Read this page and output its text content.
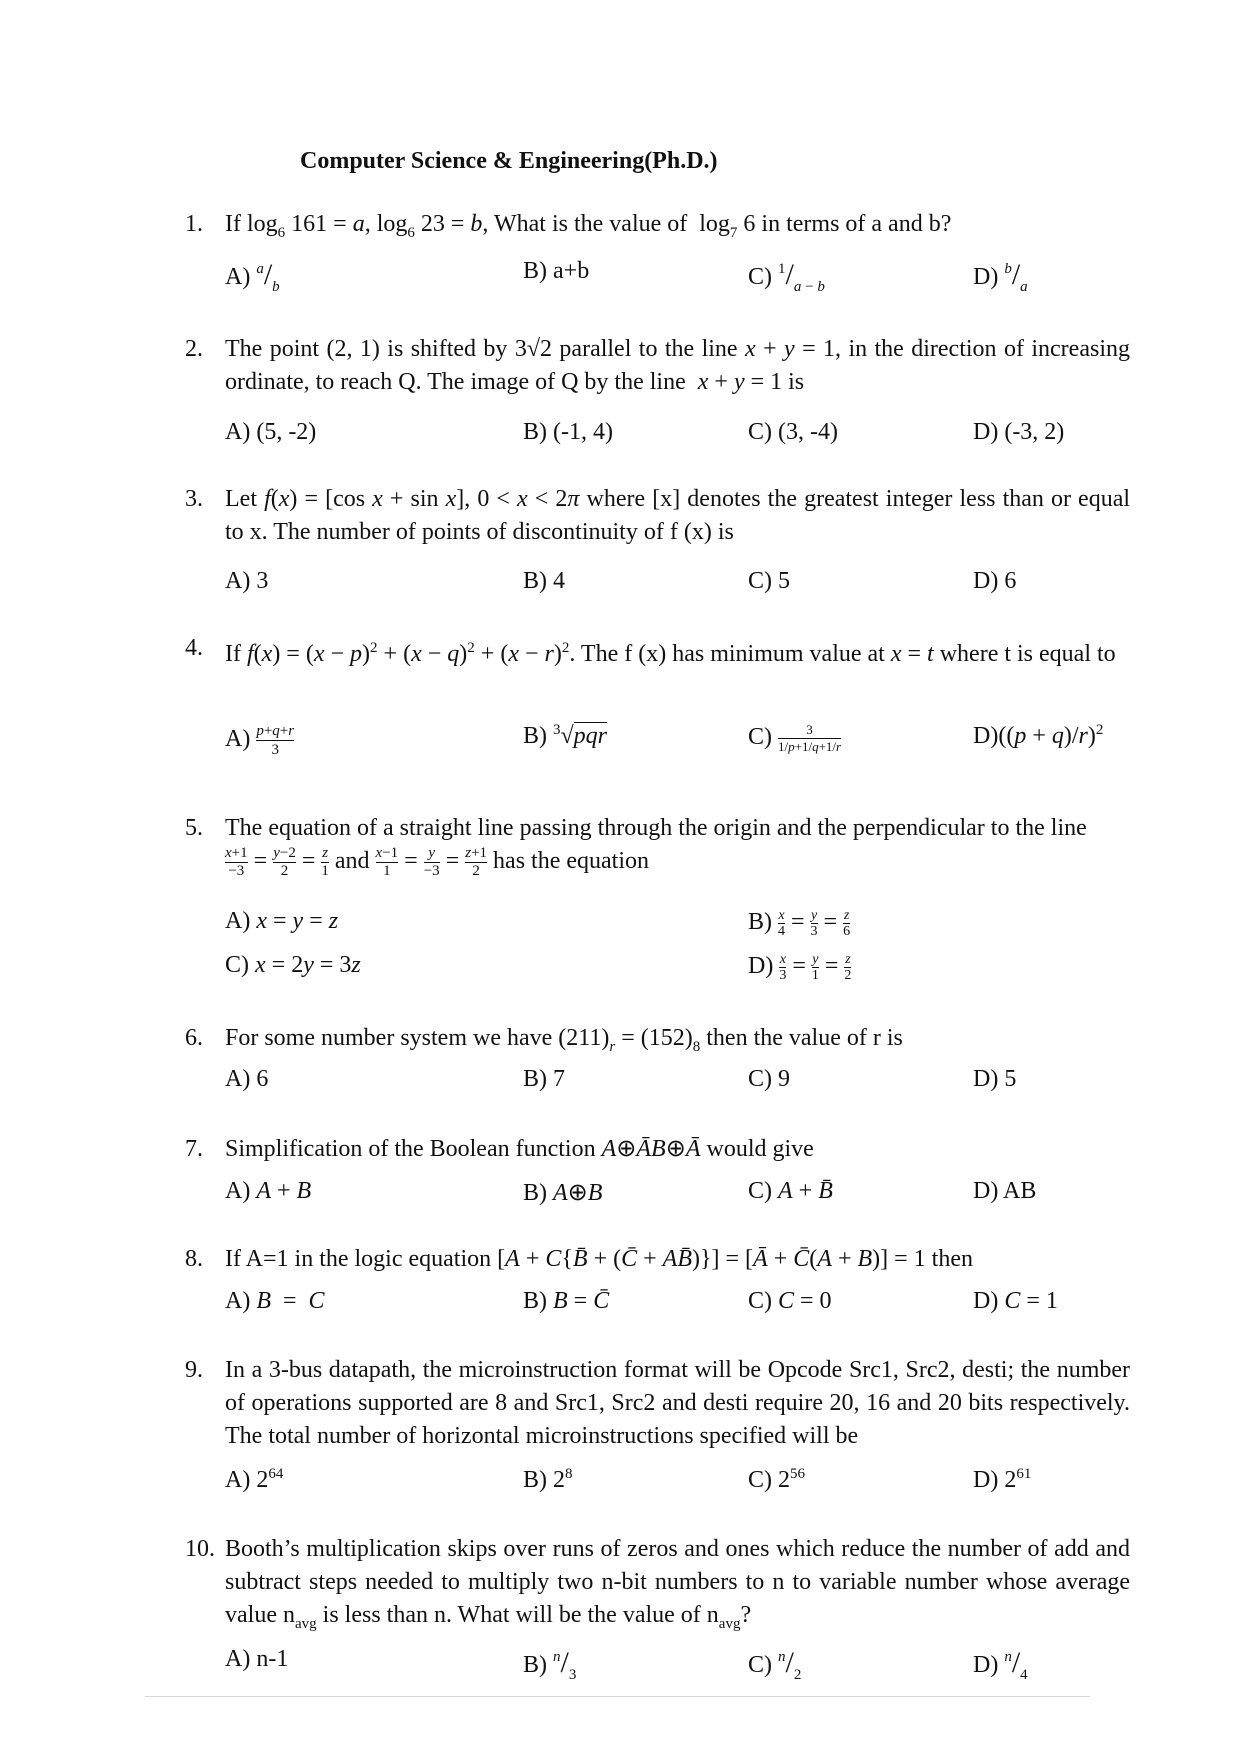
Computer Science & Engineering(Ph.D.)
1. If $\log_6 161 = a$, $\log_6 23 = b$, What is the value of  $\log_7 6$ in terms of a and b?
A) $^a/_b$
B) a+b	C) $^1/_{a - b}$	D) $^b/_a$
2. The point (2, 1) is shifted by 3√2 parallel to the line x + y = 1, in the direction of increasing ordinate, to reach Q. The image of Q by the line  x + y = 1 is
A) (5, -2)	B) (-1, 4)	C) (3, -4)	D) (-3, 2)
3. Let f(x) = [cos x + sin x], 0 < x < 2π where [x] denotes the greatest integer less than or equal to x. The number of points of discontinuity of f (x) is
A) 3	B) 4	C) 5	D) 6
4. If $f(x) = (x - p)^2 + (x - q)^2 + (x - r)^2$. The f (x) has minimum value at x = t where t is equal to
$A) \frac{p+q+r}{3}$	B) $^3$√pqr	$C) \frac{3}{1/p+1/q+1/r}$	$D)((p + q)/r)^2$
5. The equation of a straight line passing through the origin and the perpendicular to the line

$\frac{x+1}{-3} = \frac{y-2}{2} = \frac{z}{1}$ and $\frac{x-1}{1} = \frac{y}{-3} = \frac{z+1}{2}$ has the equation
A) x = y = z	$B) \frac{x}{4} = \frac{y}{3} = \frac{z}{6}$
C) x = 2y = 3z	$D) \frac{x}{3} = \frac{y}{1} = \frac{z}{2}$
6. For some number system we have $(211)_r = (152)_8$ then the value of r is
A) 6	B) 7	C) 9	D) 5
7. Simplification of the Boolean function A⊕ĀB⊕Ā would give
A) A + B	B) A⊕B	C) A + B̄	D) AB
8. If A=1 in the logic equation [A + C{B̄ + (C̄ + AB̄)}] = [Ā + C̄(A + B)] = 1 then
A) B  =  C	B) B = C̄	C) C = 0	D) C = 1
9. In a 3-bus datapath, the microinstruction format will be Opcode Src1, Src2, desti; the number of operations supported are 8 and Src1, Src2 and desti require 20, 16 and 20 bits respectively. The total number of horizontal microinstructions specified will be
A) $2^{64}$	B) $2^8$	C) $2^{56}$	D) $2^{61}$
10. Booth’s multiplication skips over runs of zeros and ones which reduce the number of add and subtract steps needed to multiply two n-bit numbers to n to variable number whose average value $n_{avg}$ is less than n. What will be the value of $n_{avg}$?
A) n-1	B) $^n/_3$	C) $^n/_2$	D) $^n/_4$
